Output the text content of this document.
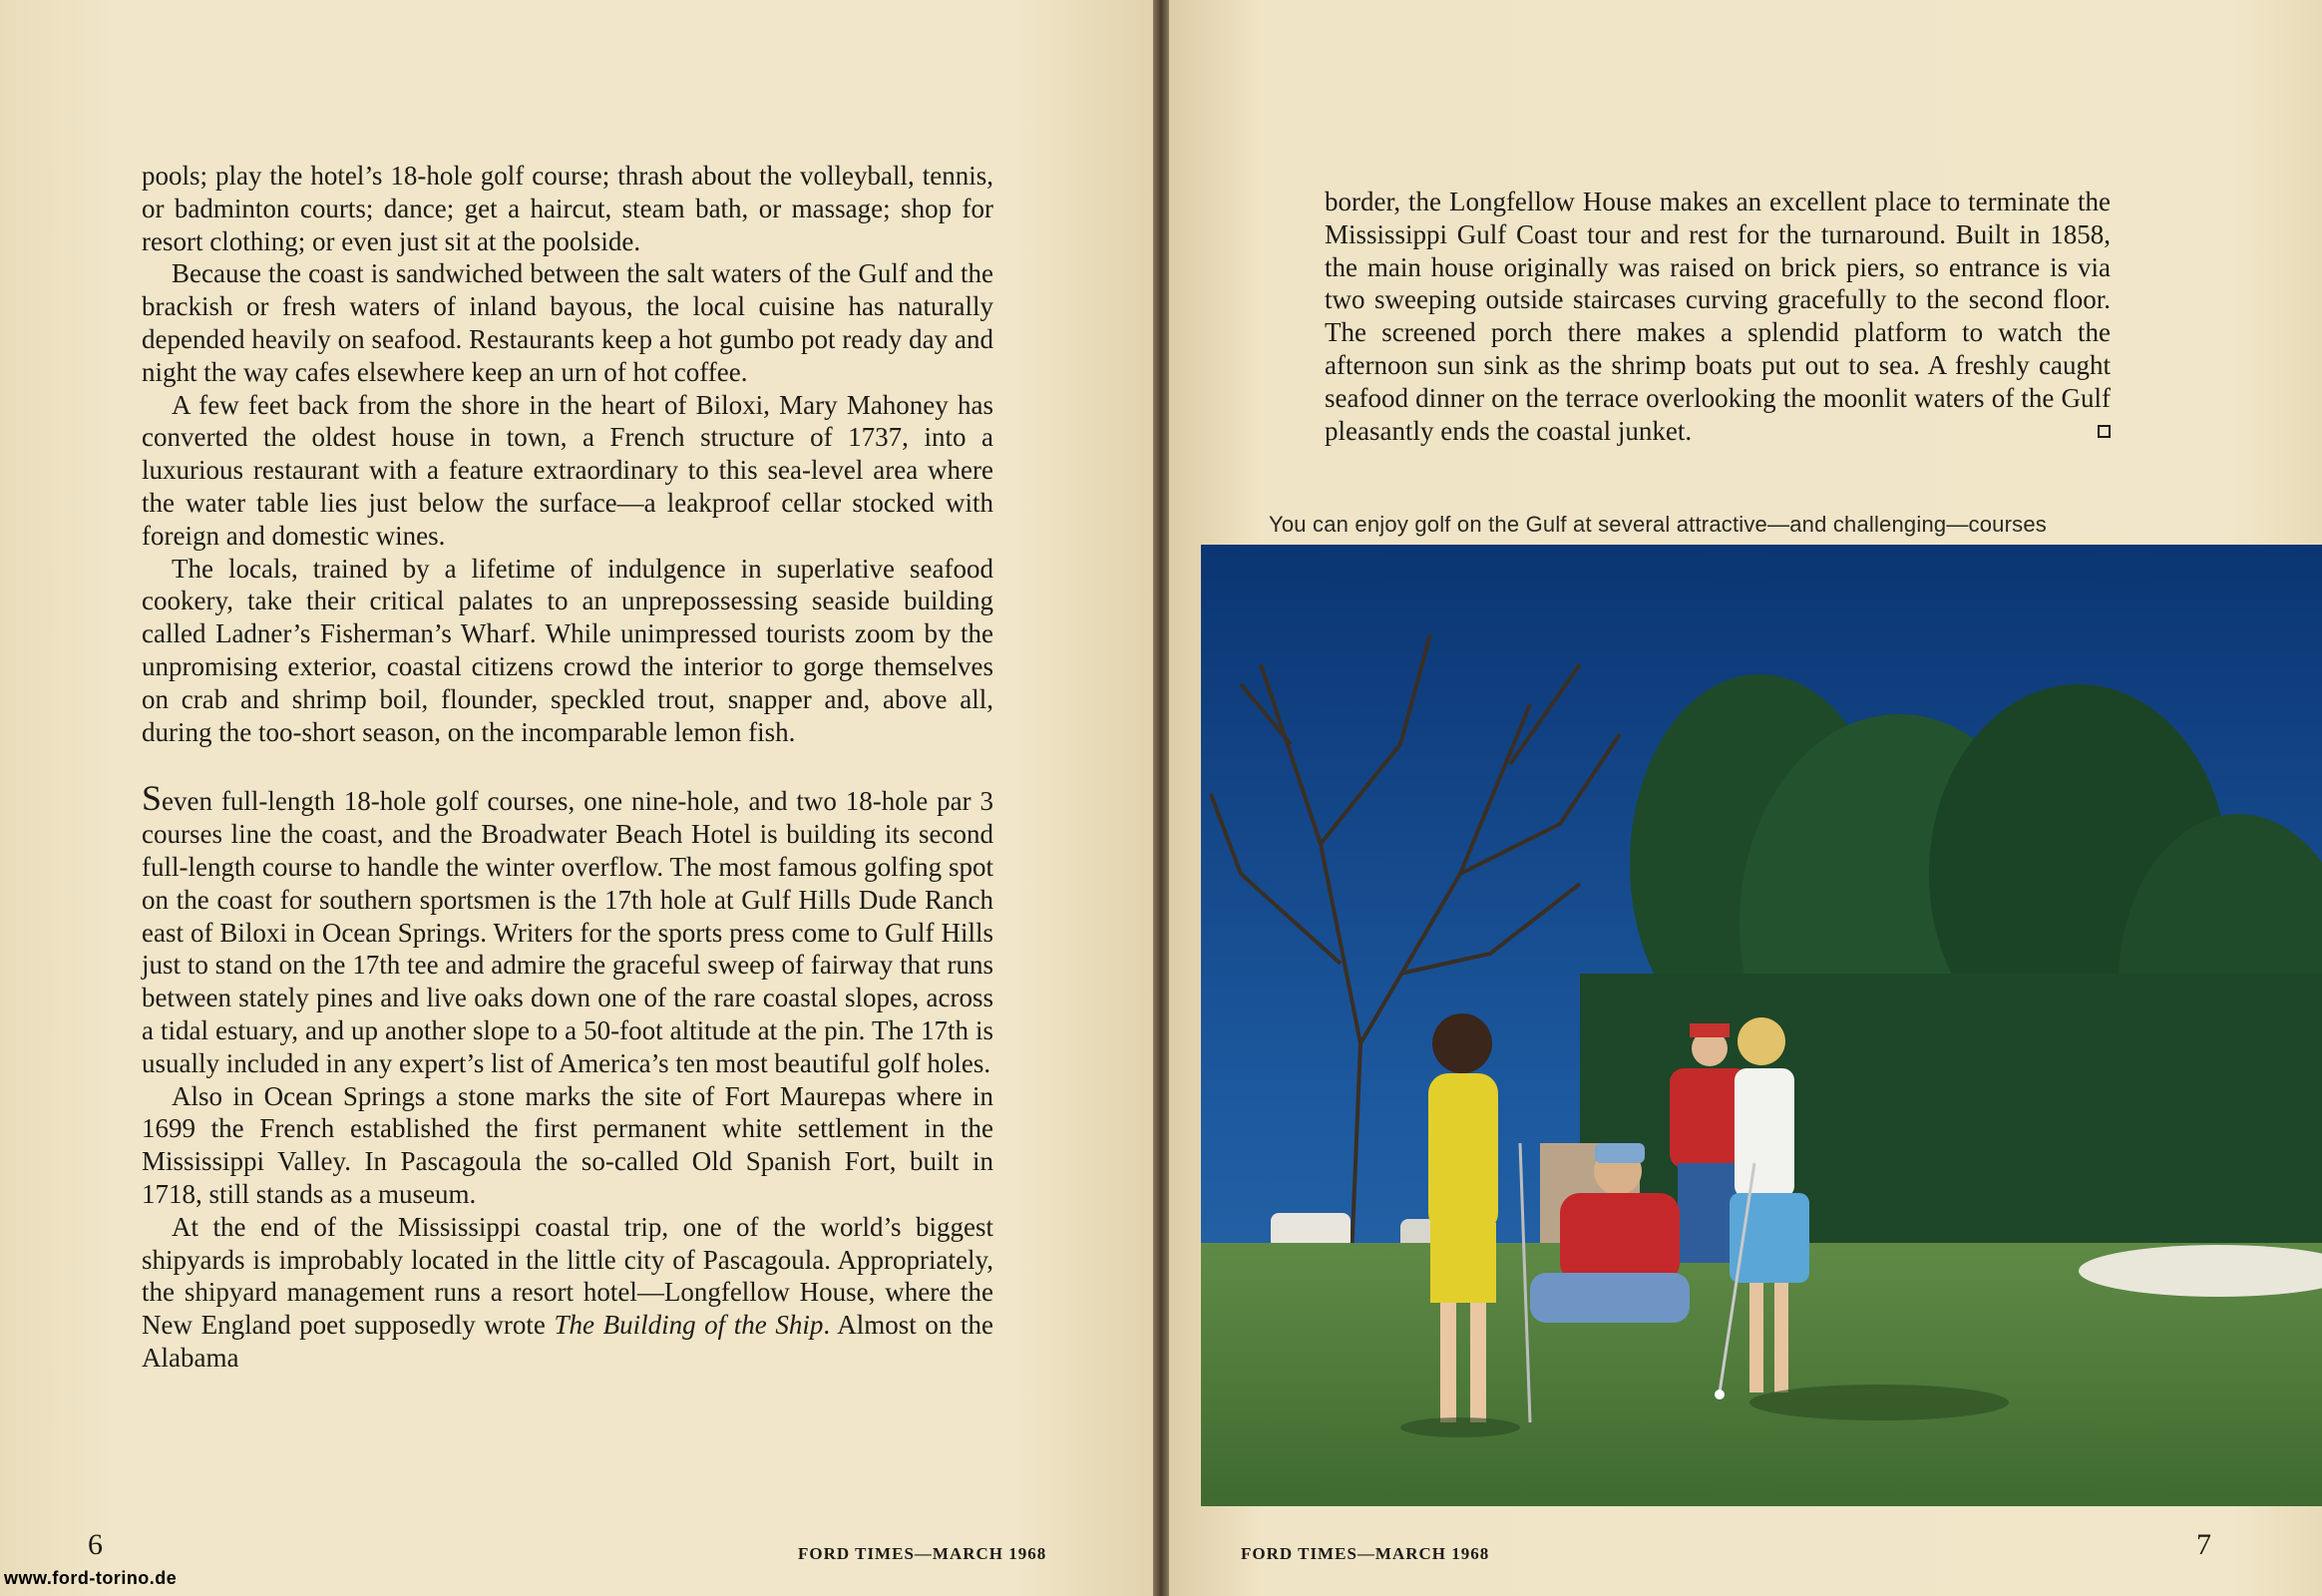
pools; play the hotel’s 18-hole golf course; thrash about the volleyball, tennis, or badminton courts; dance; get a haircut, steam bath, or massage; shop for resort clothing; or even just sit at the poolside.

Because the coast is sandwiched between the salt waters of the Gulf and the brackish or fresh waters of inland bayous, the local cuisine has naturally depended heavily on seafood. Restaurants keep a hot gumbo pot ready day and night the way cafes elsewhere keep an urn of hot coffee.

A few feet back from the shore in the heart of Biloxi, Mary Mahoney has converted the oldest house in town, a French structure of 1737, into a luxurious restaurant with a feature extraordinary to this sea-level area where the water table lies just below the surface—a leakproof cellar stocked with foreign and domestic wines.

The locals, trained by a lifetime of indulgence in superlative seafood cookery, take their critical palates to an unprepossessing seaside building called Ladner’s Fisherman’s Wharf. While unimpressed tourists zoom by the unpromising exterior, coastal citizens crowd the interior to gorge themselves on crab and shrimp boil, flounder, speckled trout, snapper and, above all, during the too-short season, on the incomparable lemon fish.

Seven full-length 18-hole golf courses, one nine-hole, and two 18-hole par 3 courses line the coast, and the Broadwater Beach Hotel is building its second full-length course to handle the winter overflow. The most famous golfing spot on the coast for southern sportsmen is the 17th hole at Gulf Hills Dude Ranch east of Biloxi in Ocean Springs. Writers for the sports press come to Gulf Hills just to stand on the 17th tee and admire the graceful sweep of fairway that runs between stately pines and live oaks down one of the rare coastal slopes, across a tidal estuary, and up another slope to a 50-foot altitude at the pin. The 17th is usually included in any expert’s list of America’s ten most beautiful golf holes.

Also in Ocean Springs a stone marks the site of Fort Maurepas where in 1699 the French established the first permanent white settlement in the Mississippi Valley. In Pascagoula the so-called Old Spanish Fort, built in 1718, still stands as a museum.

At the end of the Mississippi coastal trip, one of the world’s biggest shipyards is improbably located in the little city of Pascagoula. Appropriately, the shipyard management runs a resort hotel—Longfellow House, where the New England poet supposedly wrote The Building of the Ship. Almost on the Alabama

6	FORD TIMES—MARCH 1968

border, the Longfellow House makes an excellent place to terminate the Mississippi Gulf Coast tour and rest for the turnaround. Built in 1858, the main house originally was raised on brick piers, so entrance is via two sweeping outside staircases curving gracefully to the second floor. The screened porch there makes a splendid platform to watch the afternoon sun sink as the shrimp boats put out to sea. A freshly caught seafood dinner on the terrace overlooking the moonlit waters of the Gulf pleasantly ends the coastal junket.

You can enjoy golf on the Gulf at several attractive—and challenging—courses
FORD TIMES—MARCH 1968	7
www.ford-torino.de
